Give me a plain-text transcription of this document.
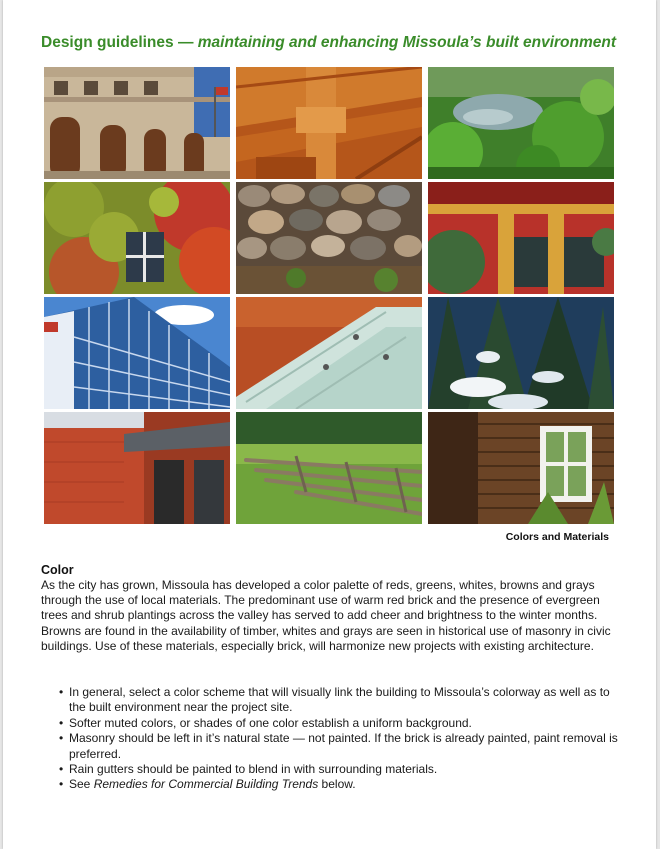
Design guidelines — maintaining and enhancing Missoula’s built environment
Colors and Materials
Color

As the city has grown, Missoula has developed a color palette of reds, greens, whites, browns and grays through the use of local materials. The predominant use of warm red brick and the presence of evergreen trees and shrub plantings across the valley has served to add cheer and brightness to the winter months. Browns are found in the availability of timber, whites and grays are seen in historical use of masonry in civic buildings. Use of these materials, especially brick, will harmonize new projects with existing architecture.

• In general, select a color scheme that will visually link the building to Missoula’s colorway as well as to the built environment near the project site.
• Softer muted colors, or shades of one color establish a uniform background.
• Masonry should be left in it’s natural state — not painted. If the brick is already painted, paint removal is preferred.
• Rain gutters should be painted to blend in with surrounding materials.
• See Remedies for Commercial Building Trends below.
